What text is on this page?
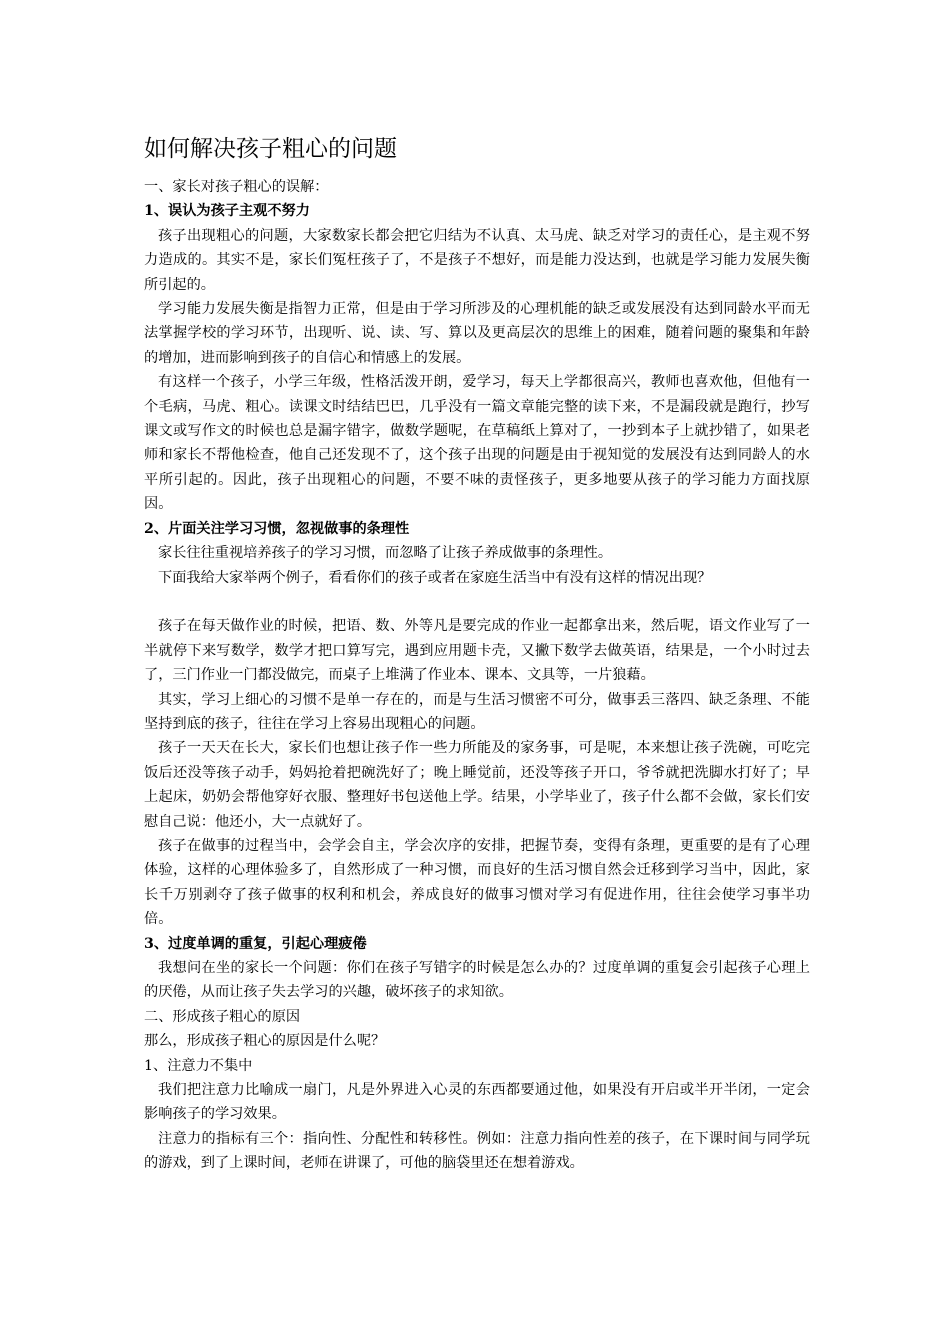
如何解决孩子粗心的问题

一、家长对孩子粗心的误解：

1、误认为孩子主观不努力

孩子出现粗心的问题，大家数家长都会把它归结为不认真、太马虎、缺乏对学习的责任心，是主观不努力造成的。其实不是，家长们冤枉孩子了，不是孩子不想好，而是能力没达到，也就是学习能力发展失衡所引起的。

学习能力发展失衡是指智力正常，但是由于学习所涉及的心理机能的缺乏或发展没有达到同龄水平而无法掌握学校的学习环节，出现听、说、读、写、算以及更高层次的思维上的困难，随着问题的聚集和年龄的增加，进而影响到孩子的自信心和情感上的发展。

有这样一个孩子，小学三年级，性格活泼开朗，爱学习，每天上学都很高兴，教师也喜欢他，但他有一个毛病，马虎、粗心。读课文时结结巴巴，几乎没有一篇文章能完整的读下来，不是漏段就是跑行，抄写课文或写作文的时候也总是漏字错字，做数学题呢，在草稿纸上算对了，一抄到本子上就抄错了，如果老师和家长不帮他检查，他自己还发现不了，这个孩子出现的问题是由于视知觉的发展没有达到同龄人的水平所引起的。因此，孩子出现粗心的问题，不要不味的责怪孩子，更多地要从孩子的学习能力方面找原因。

2、片面关注学习习惯，忽视做事的条理性

家长往往重视培养孩子的学习习惯，而忽略了让孩子养成做事的条理性。

下面我给大家举两个例子，看看你们的孩子或者在家庭生活当中有没有这样的情况出现？

孩子在每天做作业的时候，把语、数、外等凡是要完成的作业一起都拿出来，然后呢，语文作业写了一半就停下来写数学，数学才把口算写完，遇到应用题卡壳，又撇下数学去做英语，结果是，一个小时过去了，三门作业一门都没做完，而桌子上堆满了作业本、课本、文具等，一片狼藉。

其实，学习上细心的习惯不是单一存在的，而是与生活习惯密不可分，做事丢三落四、缺乏条理、不能坚持到底的孩子，往往在学习上容易出现粗心的问题。

孩子一天天在长大，家长们也想让孩子作一些力所能及的家务事，可是呢，本来想让孩子洗碗，可吃完饭后还没等孩子动手，妈妈抢着把碗洗好了；晚上睡觉前，还没等孩子开口，爷爷就把洗脚水打好了；早上起床，奶奶会帮他穿好衣服、整理好书包送他上学。结果，小学毕业了，孩子什么都不会做，家长们安慰自己说：他还小，大一点就好了。

孩子在做事的过程当中，会学会自主，学会次序的安排，把握节奏，变得有条理，更重要的是有了心理体验，这样的心理体验多了，自然形成了一种习惯，而良好的生活习惯自然会迁移到学习当中，因此，家长千万别剥夺了孩子做事的权利和机会，养成良好的做事习惯对学习有促进作用，往往会使学习事半功倍。

3、过度单调的重复，引起心理疲倦

我想问在坐的家长一个问题：你们在孩子写错字的时候是怎么办的？过度单调的重复会引起孩子心理上的厌倦，从而让孩子失去学习的兴趣，破坏孩子的求知欲。

二、形成孩子粗心的原因

那么，形成孩子粗心的原因是什么呢？

1、注意力不集中

我们把注意力比喻成一扇门，凡是外界进入心灵的东西都要通过他，如果没有开启或半开半闭，一定会影响孩子的学习效果。

注意力的指标有三个：指向性、分配性和转移性。例如：注意力指向性差的孩子，在下课时间与同学玩的游戏，到了上课时间，老师在讲课了，可他的脑袋里还在想着游戏。
